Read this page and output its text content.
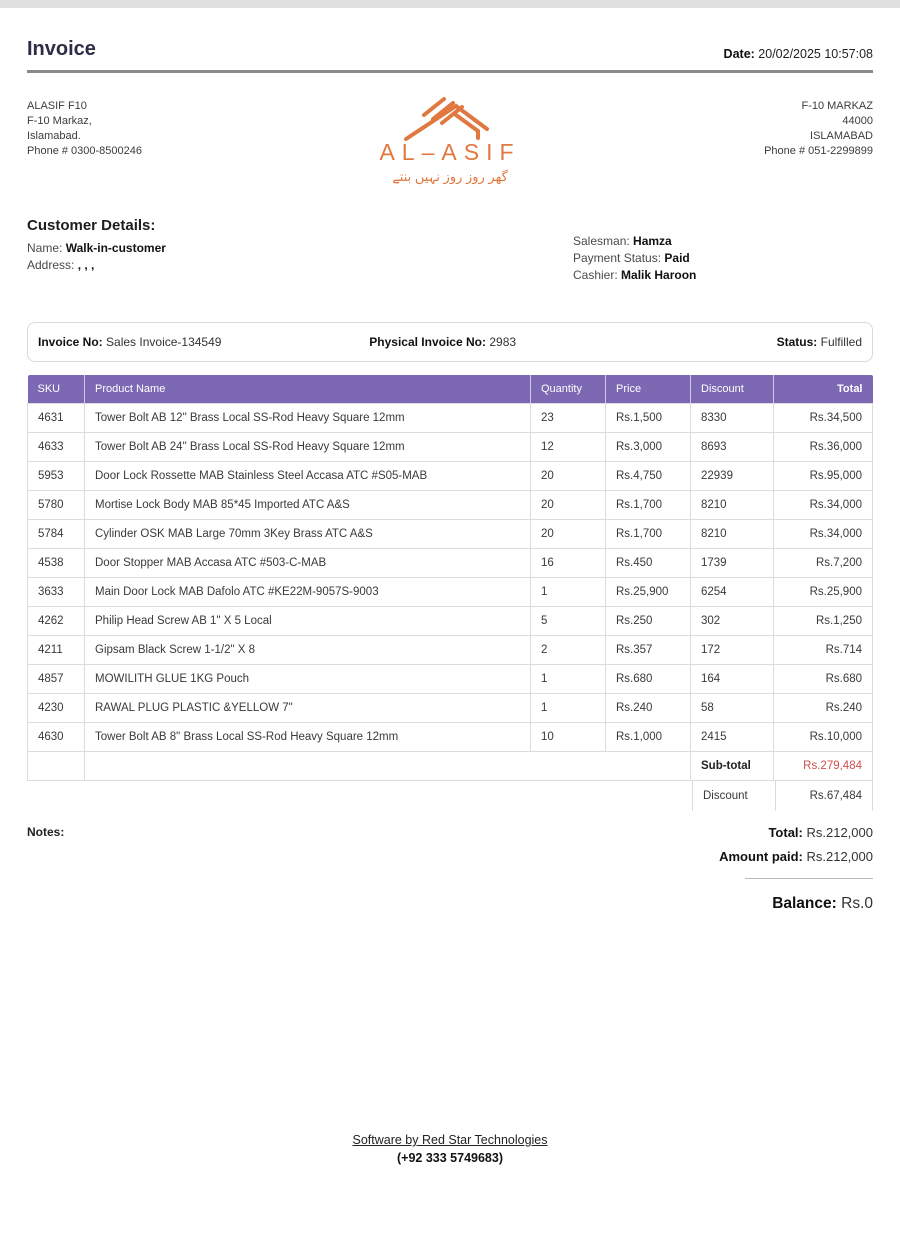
Invoice	Date: 20/02/2025 10:57:08
ALASIF F10
F-10 Markaz,
Islamabad.
Phone # 0300-8500246	AL–ASIF
گھر روز روز نہیں بنتے
F-10 MARKAZ
44000
ISLAMABAD
Phone # 051-2299899
Customer Details:
Name: Walk-in-customer
Address: , , ,
Salesman: Hamza
Payment Status: Paid
Cashier: Malik Haroon
Invoice No: Sales Invoice-134549	Physical Invoice No: 2983	Status: Fulfilled
SKU	Product Name	Quantity	Price	Discount	Total
4631	Tower Bolt AB 12" Brass Local SS-Rod Heavy Square 12mm	23	Rs.1,500	8330	Rs.34,500
4633	Tower Bolt AB 24" Brass Local SS-Rod Heavy Square 12mm	12	Rs.3,000	8693	Rs.36,000
5953	Door Lock Rossette MAB Stainless Steel Accasa ATC #S05-MAB	20	Rs.4,750	22939	Rs.95,000
5780	Mortise Lock Body MAB 85*45 Imported ATC A&S	20	Rs.1,700	8210	Rs.34,000
5784	Cylinder OSK MAB Large 70mm 3Key Brass ATC A&S	20	Rs.1,700	8210	Rs.34,000
4538	Door Stopper MAB Accasa ATC #503-C-MAB	16	Rs.450	1739	Rs.7,200
3633	Main Door Lock MAB Dafolo ATC #KE22M-9057S-9003	1	Rs.25,900	6254	Rs.25,900
4262	Philip Head Screw AB 1" X 5 Local	5	Rs.250	302	Rs.1,250
4211	Gipsam Black Screw 1-1/2" X 8	2	Rs.357	172	Rs.714
4857	MOWILITH GLUE 1KG Pouch	1	Rs.680	164	Rs.680
4230	RAWAL PLUG PLASTIC &YELLOW 7"	1	Rs.240	58	Rs.240
4630	Tower Bolt AB 8" Brass Local SS-Rod Heavy Square 12mm	10	Rs.1,000	2415	Rs.10,000
				Sub-total	Rs.279,484
Discount	Rs.67,484
Notes:	Total: Rs.212,000
Amount paid: Rs.212,000
Balance: Rs.0
Software by Red Star Technologies
(+92 333 5749683)
